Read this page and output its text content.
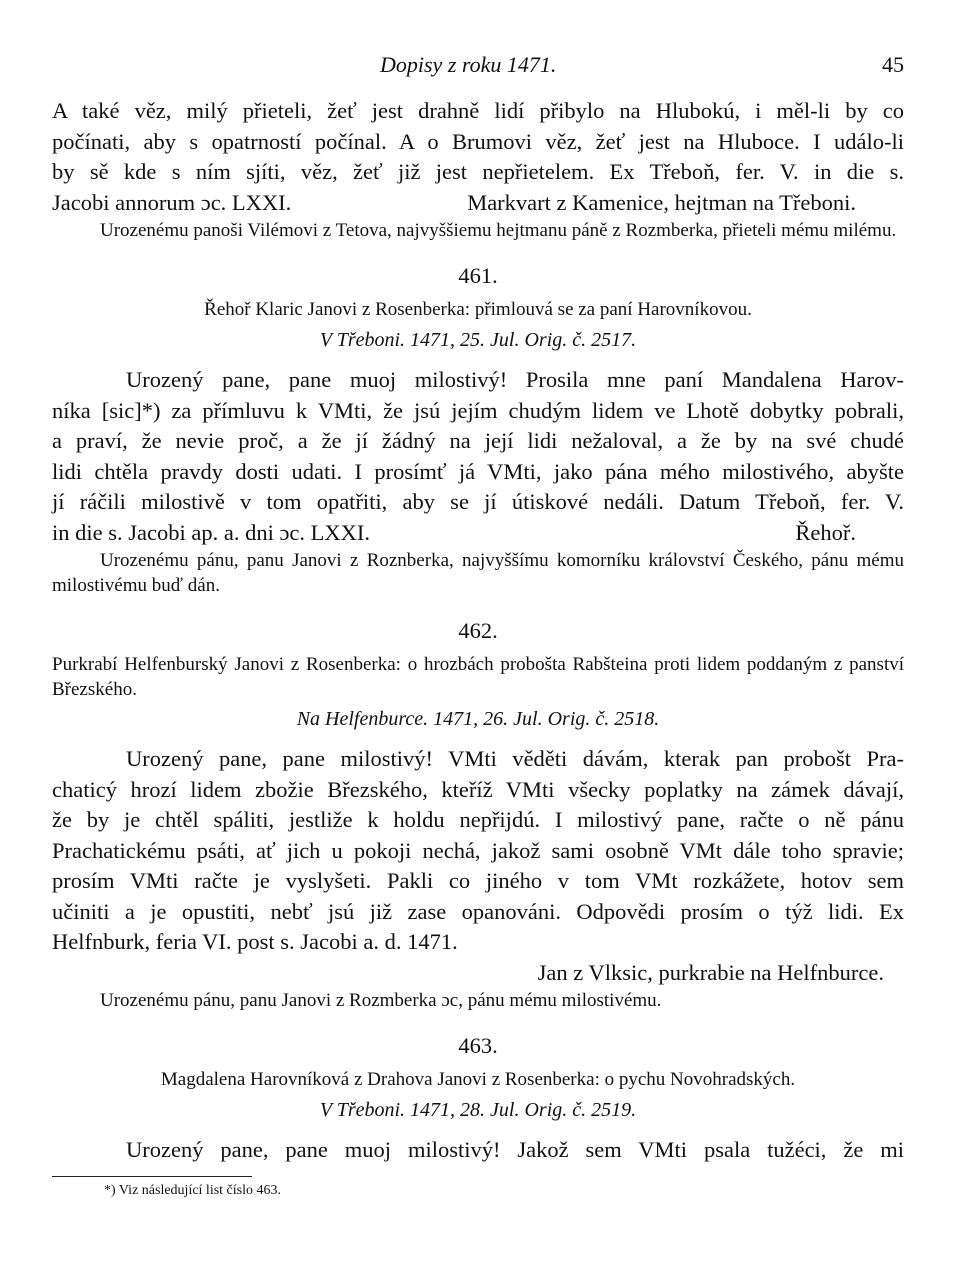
Dopisy z roku 1471.	45
A také věz, milý přieteli, žeť jest drahně lidí přibylo na Hlubokú, i měl-li by co
počínati, aby s opatrností počínal. A o Brumovi věz, žeť jest na Hluboce. I událo-li
by sě kde s ním sjíti, věz, žeť již jest nepřietelem. Ex Třeboň, fer. V. in die s.
Jacobi annorum ɔc. LXXI.	Markvart z Kamenice, hejtman na Třeboni.

Urozenému panoši Vilémovi z Tetova, najvyššiemu hejtmanu páně z Rozmberka, přieteli mému milému.

461.

Řehoř Klaric Janovi z Rosenberka: přimlouvá se za paní Harovníkovou.

V Třeboni. 1471, 25. Jul. Orig. č. 2517.
Urozený pane, pane muoj milostivý! Prosila mne paní Mandalena Harov-
níka [sic]*) za přímluvu k VMti, že jsú jejím chudým lidem ve Lhotě dobytky pobrali,
a praví, že nevie proč, a že jí žádný na její lidi nežaloval, a že by na své chudé
lidi chtěla pravdy dosti udati. I prosímť já VMti, jako pána mého milostivého, abyšte
jí ráčili milostivě v tom opatřiti, aby se jí útiskové nedáli. Datum Třeboň, fer. V.
in die s. Jacobi ap. a. dni ɔc. LXXI.	Řehoř.

Urozenému pánu, panu Janovi z Roznberka, najvyššímu komorníku království Českého, pánu mému milostivému buď dán.

462.

Purkrabí Helfenburský Janovi z Rosenberka: o hrozbách probošta Rabšteina proti lidem poddaným z panství Březského.

Na Helfenburce. 1471, 26. Jul. Orig. č. 2518.
Urozený pane, pane milostivý! VMti věděti dávám, kterak pan probošt Pra-
chaticý hrozí lidem zbožie Březského, kteříž VMti všecky poplatky na zámek dávají,
že by je chtěl spáliti, jestliže k holdu nepřijdú. I milostivý pane, račte o ně pánu
Prachatickému psáti, ať jich u pokoji nechá, jakož sami osobně VMt dále toho spravie;
prosím VMti račte je vyslyšeti. Pakli co jiného v tom VMt rozkážete, hotov sem
učiniti a je opustiti, nebť jsú již zase opanováni. Odpovědi prosím o týž lidi. Ex
Helfnburk, feria VI. post s. Jacobi a. d. 1471.
Jan z Vlksic, purkrabie na Helfnburce.

Urozenému pánu, panu Janovi z Rozmberka ɔc, pánu mému milostivému.

463.

Magdalena Harovníková z Drahova Janovi z Rosenberka: o pychu Novohradských.

V Třeboni. 1471, 28. Jul. Orig. č. 2519.
Urozený pane, pane muoj milostivý! Jakož sem VMti psala tužéci, že mi
*) Viz následující list číslo 463.
